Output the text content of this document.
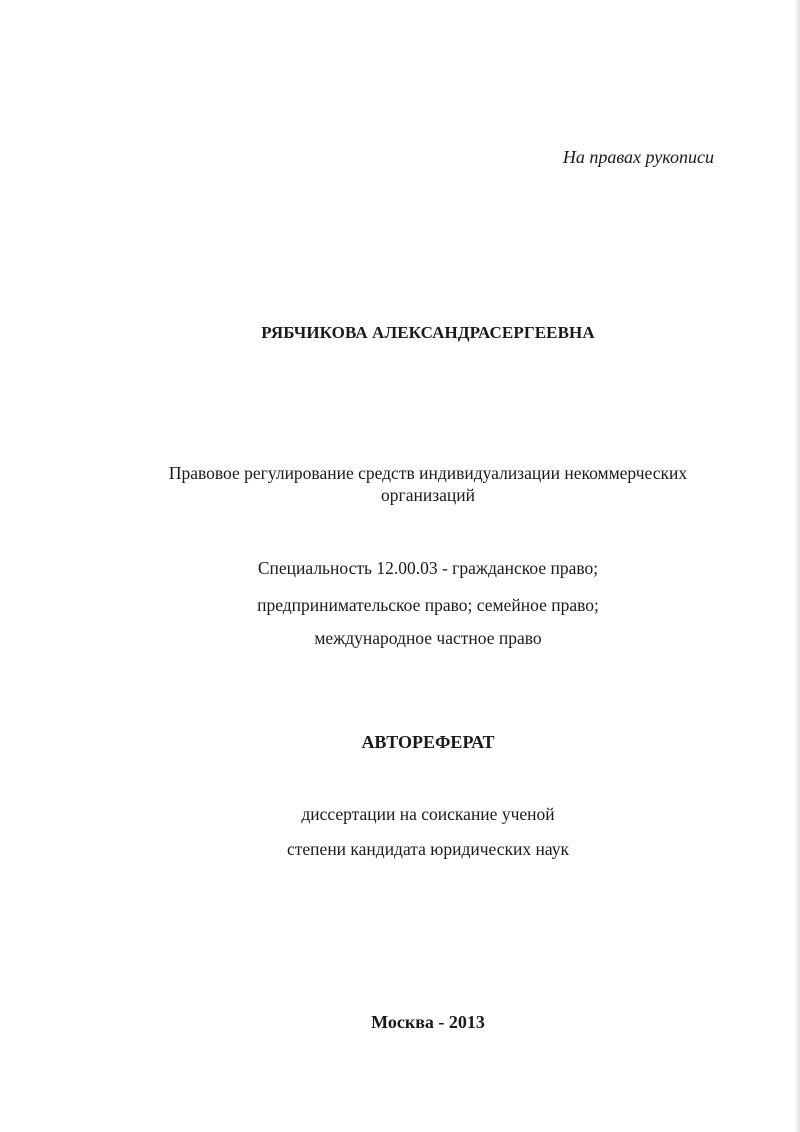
На правах рукописи
РЯБЧИКОВА АЛЕКСАНДРАСЕРГЕЕВНА
Правовое регулирование средств индивидуализации некоммерческих
организаций
Специальность 12.00.03 - гражданское право;
предпринимательское право; семейное право;
международное частное право
АВТОРЕФЕРАТ
диссертации на соискание ученой
степени кандидата юридических наук
Москва - 2013
